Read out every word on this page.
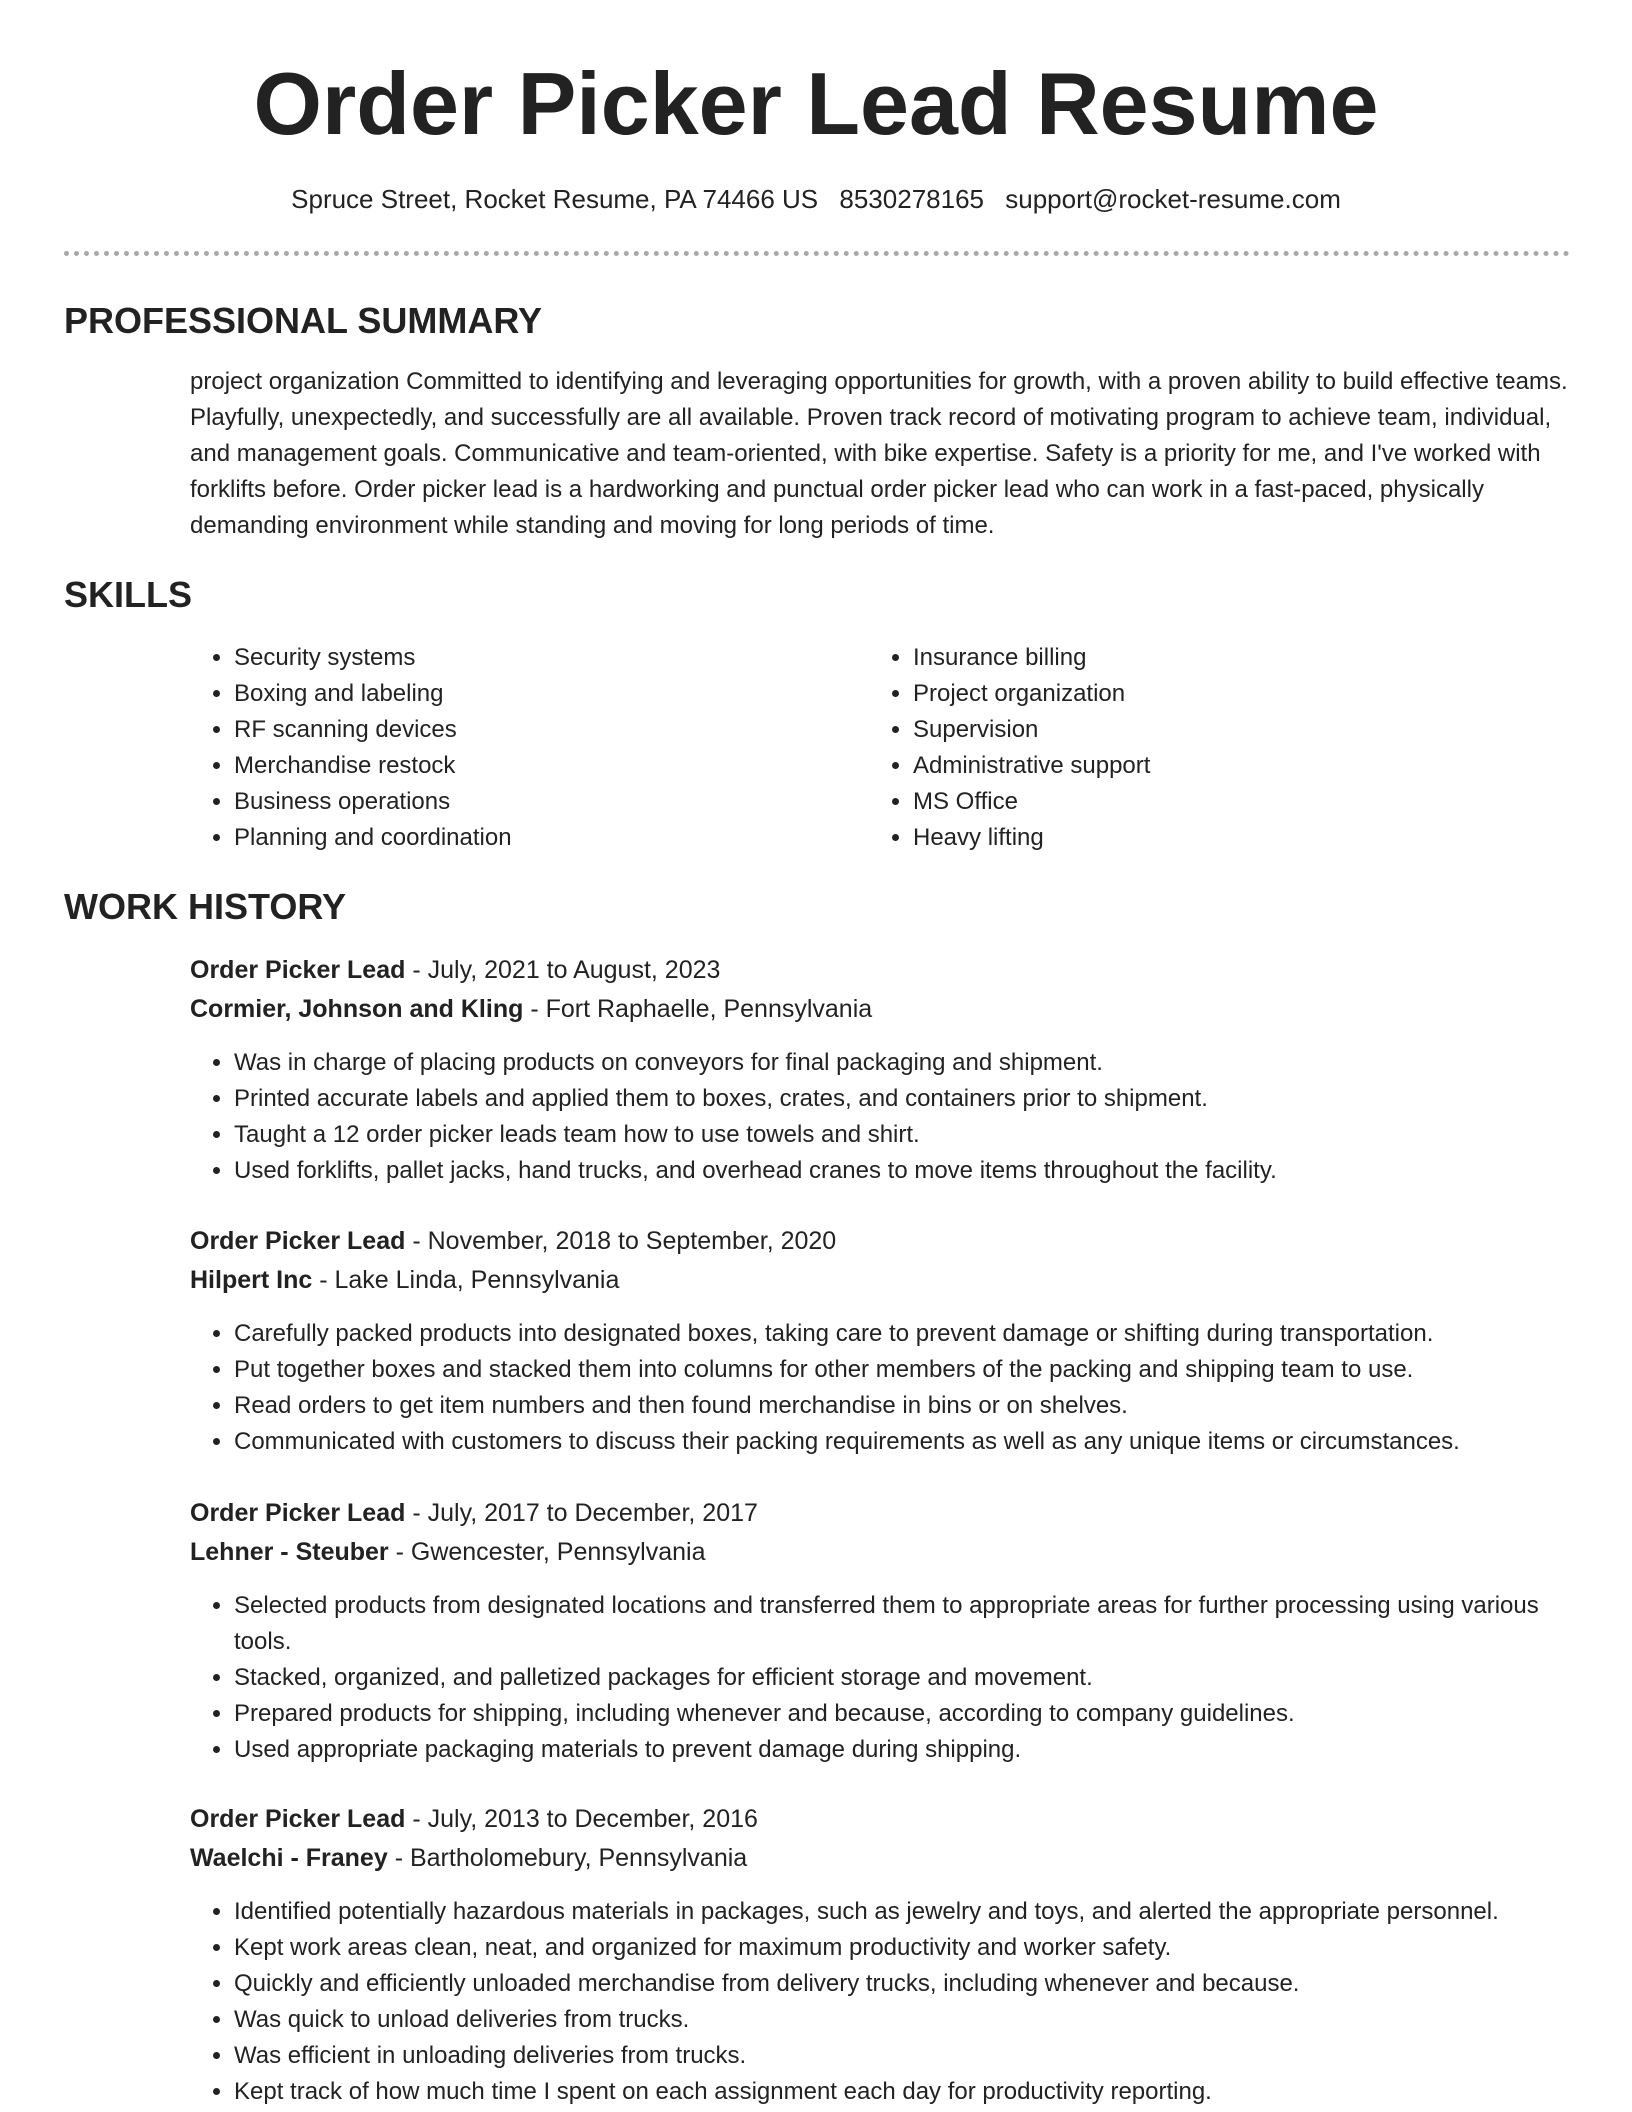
Order Picker Lead Resume
Spruce Street, Rocket Resume, PA 74466 US 8530278165 support@rocket-resume.com
PROFESSIONAL SUMMARY

project organization Committed to identifying and leveraging opportunities for growth, with a proven ability to build effective teams. Playfully, unexpectedly, and successfully are all available. Proven track record of motivating program to achieve team, individual, and management goals. Communicative and team-oriented, with bike expertise. Safety is a priority for me, and I've worked with forklifts before. Order picker lead is a hardworking and punctual order picker lead who can work in a fast-paced, physically demanding environment while standing and moving for long periods of time.

SKILLS
• Security systems
• Boxing and labeling
• RF scanning devices
• Merchandise restock
• Business operations
• Planning and coordination
• Insurance billing
• Project organization
• Supervision
• Administrative support
• MS Office
• Heavy lifting
WORK HISTORY
Order Picker Lead - July, 2021 to August, 2023
Cormier, Johnson and Kling - Fort Raphaelle, Pennsylvania
• Was in charge of placing products on conveyors for final packaging and shipment.
• Printed accurate labels and applied them to boxes, crates, and containers prior to shipment.
• Taught a 12 order picker leads team how to use towels and shirt.
• Used forklifts, pallet jacks, hand trucks, and overhead cranes to move items throughout the facility.
Order Picker Lead - November, 2018 to September, 2020
Hilpert Inc - Lake Linda, Pennsylvania
• Carefully packed products into designated boxes, taking care to prevent damage or shifting during transportation.
• Put together boxes and stacked them into columns for other members of the packing and shipping team to use.
• Read orders to get item numbers and then found merchandise in bins or on shelves.
• Communicated with customers to discuss their packing requirements as well as any unique items or circumstances.
Order Picker Lead - July, 2017 to December, 2017
Lehner - Steuber - Gwencester, Pennsylvania
• Selected products from designated locations and transferred them to appropriate areas for further processing using various tools.
• Stacked, organized, and palletized packages for efficient storage and movement.
• Prepared products for shipping, including whenever and because, according to company guidelines.
• Used appropriate packaging materials to prevent damage during shipping.
Order Picker Lead - July, 2013 to December, 2016
Waelchi - Franey - Bartholomebury, Pennsylvania
• Identified potentially hazardous materials in packages, such as jewelry and toys, and alerted the appropriate personnel.
• Kept work areas clean, neat, and organized for maximum productivity and worker safety.
• Quickly and efficiently unloaded merchandise from delivery trucks, including whenever and because.
• Was quick to unload deliveries from trucks.
• Was efficient in unloading deliveries from trucks.
• Kept track of how much time I spent on each assignment each day for productivity reporting.
